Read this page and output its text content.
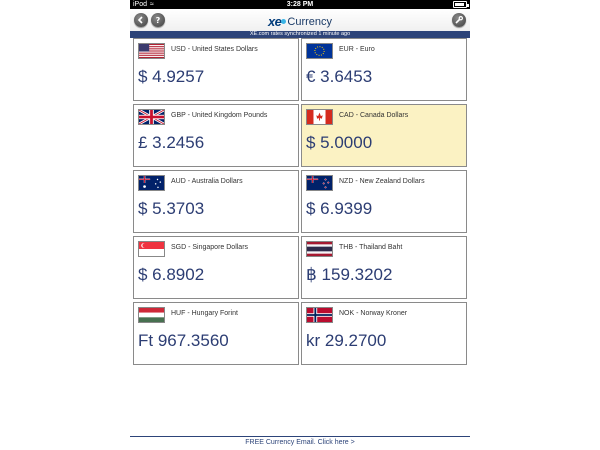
iPod ≈	3:28 PM
?	xe Currency
XE.com rates synchronized 1 minute ago
USD - United States Dollars
$ 4.9257
EUR - Euro
€ 3.6453
GBP - United Kingdom Pounds
£ 3.2456
CAD - Canada Dollars
$ 5.0000
AUD - Australia Dollars
$ 5.3703
NZD - New Zealand Dollars
$ 6.9399
SGD - Singapore Dollars
$ 6.8902
THB - Thailand Baht
฿ 159.3202
HUF - Hungary Forint
Ft 967.3560
NOK - Norway Kroner
kr 29.2700
FREE Currency Email. Click here >
